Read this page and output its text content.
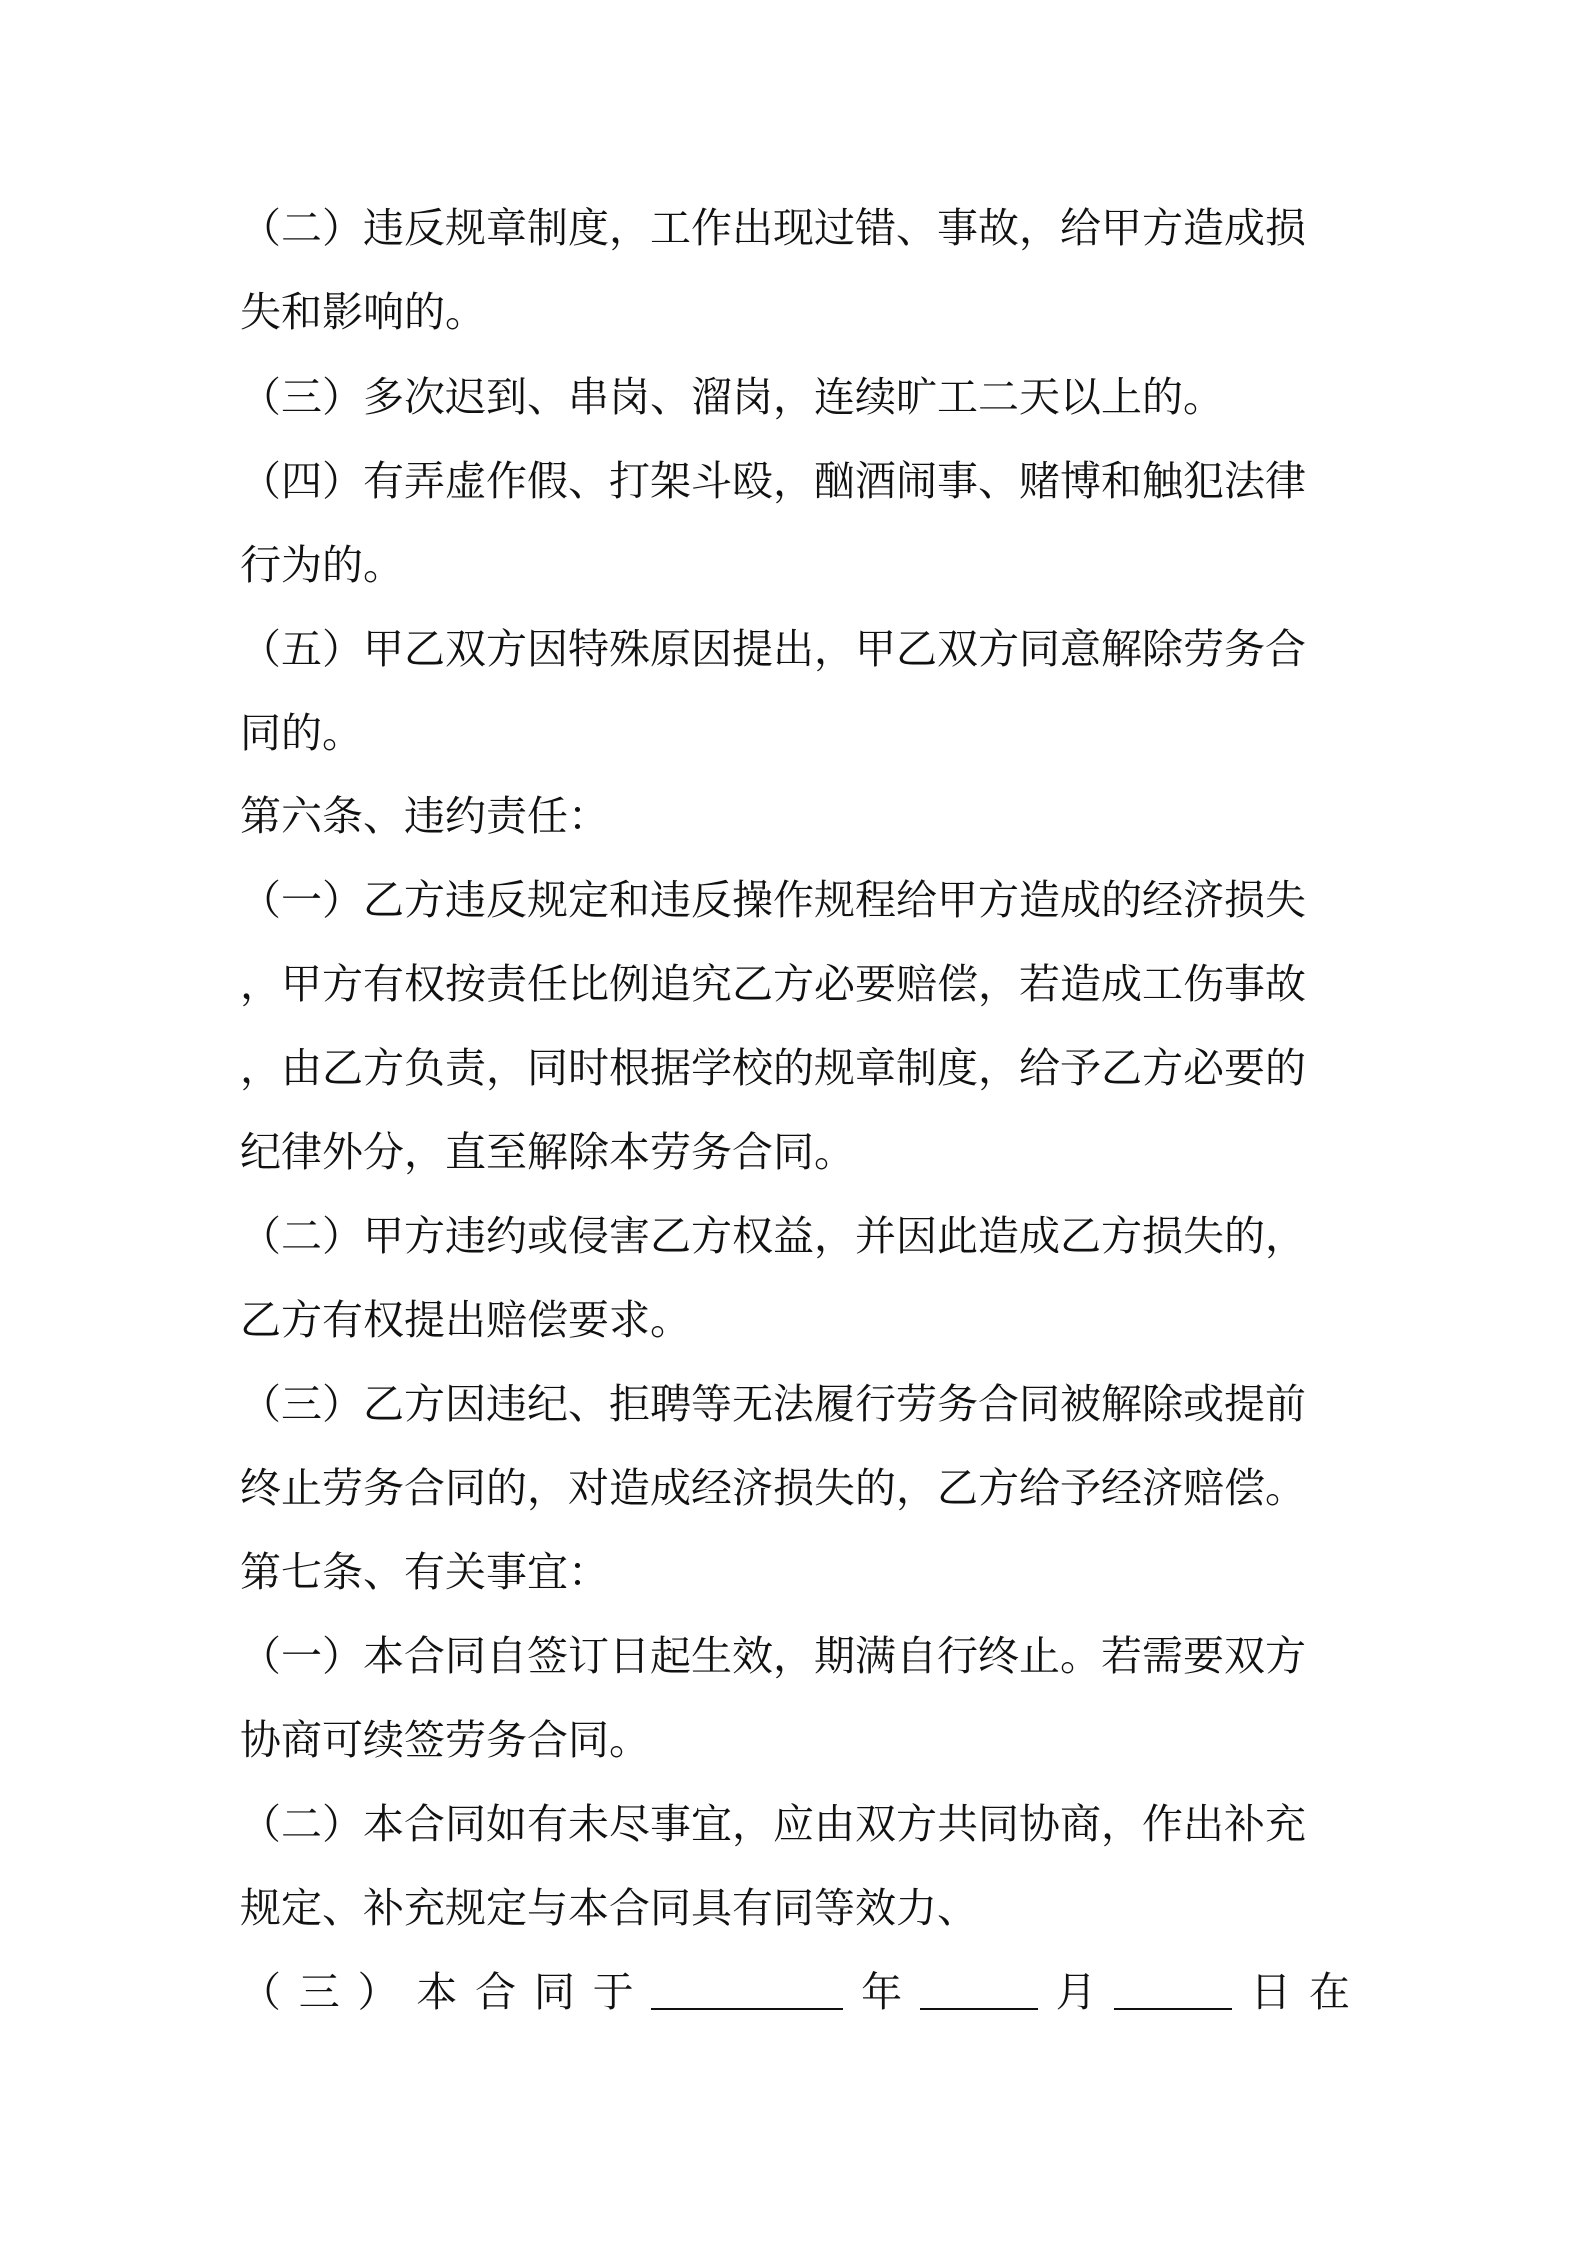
（二）违反规章制度，工作出现过错、事故，给甲方造成损
失和影响的。
（三）多次迟到、串岗、溜岗，连续旷工二天以上的。
（四）有弄虚作假、打架斗殴，酗酒闹事、赌博和触犯法律
行为的。
（五）甲乙双方因特殊原因提出，甲乙双方同意解除劳务合
同的。
第六条、违约责任：
（一）乙方违反规定和违反操作规程给甲方造成的经济损失
，甲方有权按责任比例追究乙方必要赔偿，若造成工伤事故
，由乙方负责，同时根据学校的规章制度，给予乙方必要的
纪律外分，直至解除本劳务合同。
（二）甲方违约或侵害乙方权益，并因此造成乙方损失的，
乙方有权提出赔偿要求。
（三）乙方因违纪、拒聘等无法履行劳务合同被解除或提前
终止劳务合同的，对造成经济损失的，乙方给予经济赔偿。
第七条、有关事宜：
（一）本合同自签订日起生效，期满自行终止。若需要双方
协商可续签劳务合同。
（二）本合同如有未尽事宜，应由双方共同协商，作出补充
规定、补充规定与本合同具有同等效力、
（ 三 ） 本 合 同 于	年	月	日 在
